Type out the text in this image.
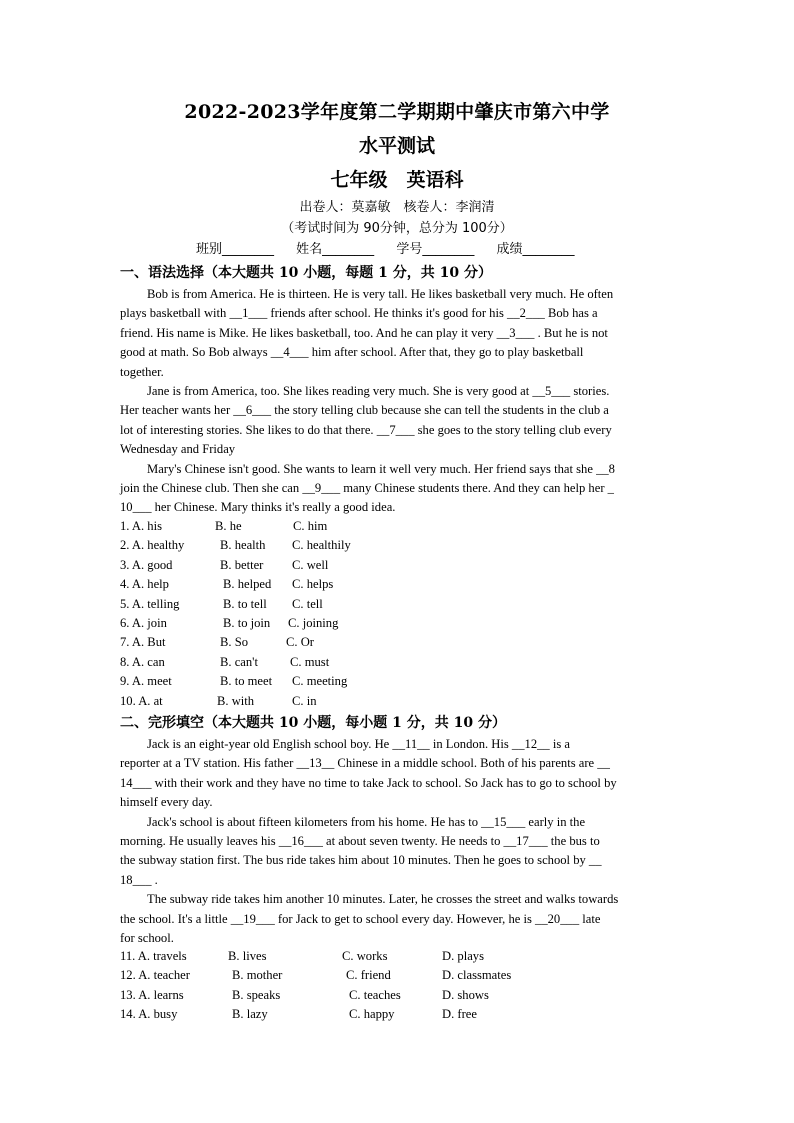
2022-2023学年度第二学期期中肇庆市第六中学
水平测试
七年级　英语科
出卷人：莫嘉敏　核卷人：李润清
（考试时间为 90分钟，总分为 100分）
班别________ 姓名________ 学号________ 成绩________
一、语法选择（本大题共 10 小题，每题 1 分，共 10 分）
Bob is from America. He is thirteen. He is very tall. He likes basketball very much. He often
plays basketball with __1___ friends after school. He thinks it's good for his __2___ Bob has a
friend. His name is Mike. He likes basketball, too. And he can play it very __3___ . But he is not
good at math. So Bob always __4___ him after school. After that, they go to play basketball
together.
Jane is from America, too. She likes reading very much. She is very good at __5___ stories.
Her teacher wants her __6___ the story telling club because she can tell the students in the club a
lot of interesting stories. She likes to do that there. __7___ she goes to the story telling club every
Wednesday and Friday
Mary's Chinese isn't good. She wants to learn it well very much. Her friend says that she __8
join the Chinese club. Then she can __9___ many Chinese students there. And they can help her _
10___ her Chinese. Mary thinks it's really a good idea.
1. A. his	B. he	C. him
2. A. healthy	B. health C. healthily
3. A. good	B. better C. well
4. A. help	B. helped C. helps
5. A. telling	B. to tell C. tell
6. A. join	B. to join C. joining
7. A. But	B. So	C. Or
8. A. can	B. can't	C. must
9. A. meet	B. to meet C. meeting
10. A. at	B. with	C. in
二、完形填空（本大题共 10 小题，每小题 1 分，共 10 分）
Jack is an eight-year old English school boy. He __11__ in London. His __12__ is a
reporter at a TV station. His father __13__ Chinese in a middle school. Both of his parents are __
14___ with their work and they have no time to take Jack to school. So Jack has to go to school by
himself every day.
Jack's school is about fifteen kilometers from his home. He has to __15___ early in the
morning. He usually leaves his __16___ at about seven twenty. He needs to __17___ the bus to
the subway station first. The bus ride takes him about 10 minutes. Then he goes to school by __
18___ .
The subway ride takes him another 10 minutes. Later, he crosses the street and walks towards
the school. It's a little __19___ for Jack to get to school every day. However, he is __20___ late
for school.
11. A. travels	B. lives	C. works	D. plays
12. A. teacher	B. mother	C. friend	D. classmates
13. A. learns	B. speaks	C. teaches	D. shows
14. A. busy	B. lazy	C. happy	D. free
